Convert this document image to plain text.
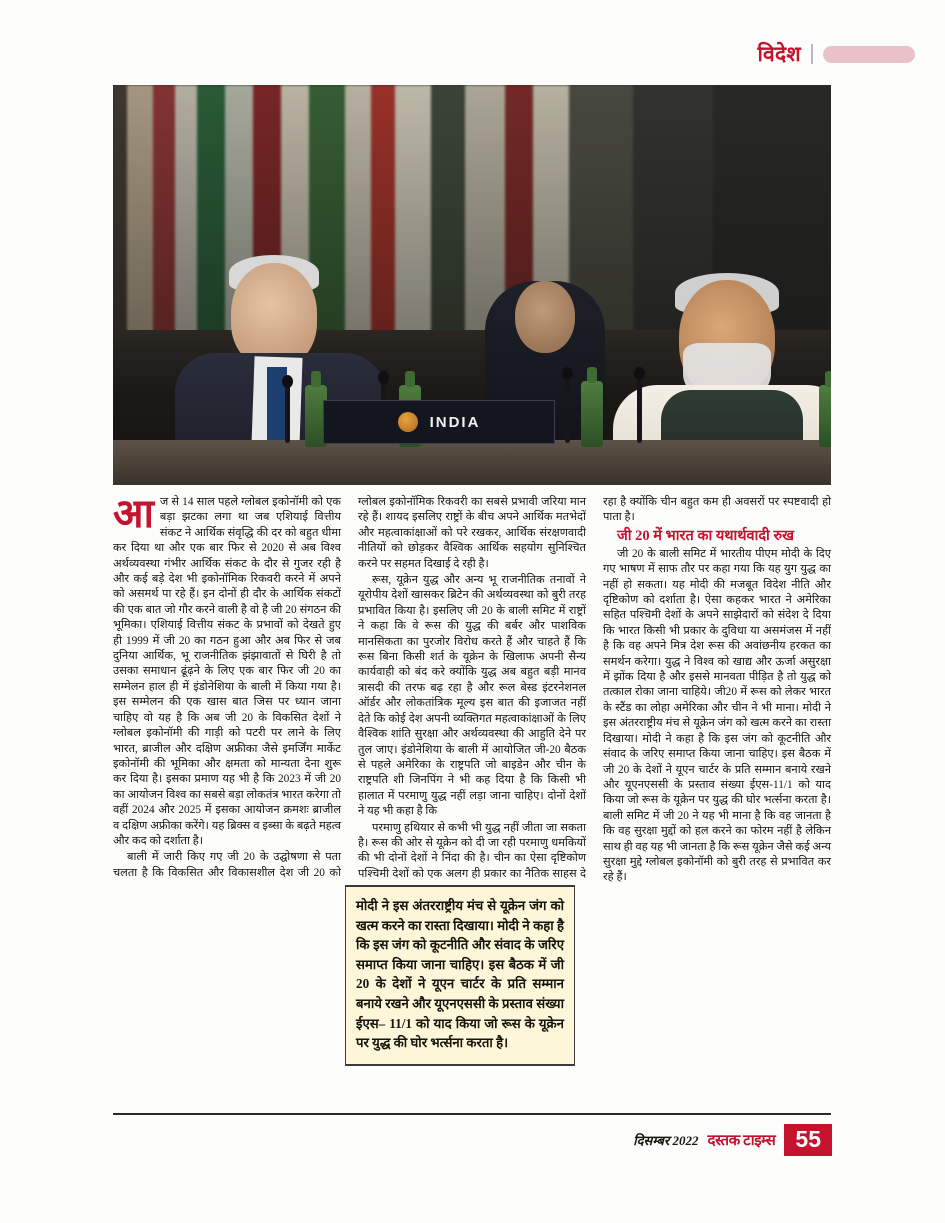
विदेश
INDIA

आज से 14 साल पहले ग्लोबल इकोनॉमी को एक बड़ा झटका लगा था जब एशियाई वित्तीय संकट ने आर्थिक संवृद्धि की दर को बहुत धीमा कर दिया था और एक बार फिर से 2020 से अब विश्व अर्थव्यवस्था गंभीर आर्थिक संकट के दौर से गुजर रही है और कई बड़े देश भी इकोनॉमिक रिकवरी करने में अपने को असमर्थ पा रहे हैं। इन दोनों ही दौर के आर्थिक संकटों की एक बात जो गौर करने वाली है वो है जी 20 संगठन की भूमिका। एशियाई वित्तीय संकट के प्रभावों को देखते हुए ही 1999 में जी 20 का गठन हुआ और अब फिर से जब दुनिया आर्थिक, भू राजनीतिक झंझावातों से घिरी है तो उसका समाधान ढूंढ़ने के लिए एक बार फिर जी 20 का सम्मेलन हाल ही में इंडोनेशिया के बाली में किया गया है। इस सम्मेलन की एक खास बात जिस पर ध्यान जाना चाहिए वो यह है कि अब जी 20 के विकसित देशों ने ग्लोबल इकोनॉमी की गाड़ी को पटरी पर लाने के लिए भारत, ब्राजील और दक्षिण अफ्रीका जैसे इमर्जिंग मार्केट इकोनॉमी की भूमिका और क्षमता को मान्यता देना शुरू कर दिया है। इसका प्रमाण यह भी है कि 2023 में जी 20 का आयोजन विश्व का सबसे बड़ा लोकतंत्र भारत करेगा तो वहीं 2024 और 2025 में इसका आयोजन क्रमशः ब्राजील व दक्षिण अफ्रीका करेंगे। यह ब्रिक्स व इब्सा के बढ़ते महत्व और कद को दर्शाता है।

बाली में जारी किए गए जी 20 के उद्घोषणा से पता चलता है कि विकसित और विकासशील देश जी 20 को ग्लोबल इकोनॉमिक रिकवरी का सबसे प्रभावी जरिया मान रहे हैं। शायद इसलिए राष्ट्रों के बीच अपने आर्थिक मतभेदों और महत्वाकांक्षाओं को परे रखकर, आर्थिक संरक्षणवादी नीतियों को छोड़कर वैश्विक आर्थिक सहयोग सुनिश्चित करने पर सहमत दिखाई दे रही है।

रूस, यूक्रेन युद्ध और अन्य भू राजनीतिक तनावों ने यूरोपीय देशों खासकर ब्रिटेन की अर्थव्यवस्था को बुरी तरह प्रभावित किया है। इसलिए जी 20 के बाली समिट में राष्ट्रों ने कहा कि वे रूस की युद्ध की बर्बर और पाशविक मानसिकता का पुरजोर विरोध करते हैं और चाहते हैं कि रूस बिना किसी शर्त के यूक्रेन के खिलाफ अपनी सैन्य कार्यवाही को बंद करे क्योंकि युद्ध अब बहुत बड़ी मानव त्रासदी की तरफ बढ़ रहा है और रूल बेस्ड इंटरनेशनल ऑर्डर और लोकतांत्रिक मूल्य इस बात की इजाजत नहीं देते कि कोई देश अपनी व्यक्तिगत महत्वाकांक्षाओं के लिए वैश्विक शांति सुरक्षा और अर्थव्यवस्था की आहुति देने पर तुल जाए। इंडोनेशिया के बाली में आयोजित जी-20 बैठक से पहले अमेरिका के राष्ट्रपति जो बाइडेन और चीन के राष्ट्रपति शी जिनपिंग ने भी कह दिया है कि किसी भी हालात में परमाणु युद्ध नहीं लड़ा जाना चाहिए। दोनों देशों ने यह भी कहा है कि

परमाणु हथियार से कभी भी युद्ध नहीं जीता जा सकता है। रूस की ओर से यूक्रेन को दी जा रही परमाणु धमकियों की भी दोनों देशों ने निंदा की है। चीन का ऐसा दृष्टिकोण पश्चिमी देशों को एक अलग ही प्रकार का नैतिक साहस दे रहा है क्योंकि चीन बहुत कम ही अवसरों पर स्पष्टवादी हो पाता है।

जी 20 में भारत का यथार्थवादी रुख

जी 20 के बाली समिट में भारतीय पीएम मोदी के दिए गए भाषण में साफ तौर पर कहा गया कि यह युग युद्ध का नहीं हो सकता। यह मोदी की मजबूत विदेश नीति और दृष्टिकोण को दर्शाता है। ऐसा कहकर भारत ने अमेरिका सहित पश्चिमी देशों के अपने साझेदारों को संदेश दे दिया कि भारत किसी भी प्रकार के दुविधा या असमंजस में नहीं है कि वह अपने मित्र देश रूस की अवांछनीय हरकत का समर्थन करेगा। युद्ध ने विश्व को खाद्य और ऊर्जा असुरक्षा में झोंक दिया है और इससे मानवता पीड़ित है तो युद्ध को तत्काल रोका जाना चाहिये। जी20 में रूस को लेकर भारत के स्टैंड का लोहा अमेरिका और चीन ने भी माना। मोदी ने इस अंतरराष्ट्रीय मंच से यूक्रेन जंग को खत्म करने का रास्ता दिखाया। मोदी ने कहा है कि इस जंग को कूटनीति और संवाद के जरिए समाप्त किया जाना चाहिए। इस बैठक में जी 20 के देशों ने यूएन चार्टर के प्रति सम्मान बनाये रखने और यूएनएससी के प्रस्ताव संख्या ईएस-11/1 को याद किया जो रूस के यूक्रेन पर युद्ध की घोर भर्त्सना करता है। बाली समिट में जी 20 ने यह भी माना है कि वह जानता है कि वह सुरक्षा मुद्दों को हल करने का फोरम नहीं है लेकिन साथ ही वह यह भी जानता है कि रूस यूक्रेन जैसे कई अन्य सुरक्षा मुद्दे ग्लोबल इकोनॉमी को बुरी तरह से प्रभावित कर रहे हैं।

मोदी ने इस अंतरराष्ट्रीय मंच से यूक्रेन जंग को खत्म करने का रास्ता दिखाया। मोदी ने कहा है कि इस जंग को कूटनीति और संवाद के जरिए समाप्त किया जाना चाहिए। इस बैठक में जी 20 के देशों ने यूएन चार्टर के प्रति सम्मान बनाये रखने और यूएनएससी के प्रस्ताव संख्या ईएस– 11/1 को याद किया जो रूस के यूक्रेन पर युद्ध की घोर भर्त्सना करता है।
दिसम्बर 2022 दस्तक टाइम्स 55
